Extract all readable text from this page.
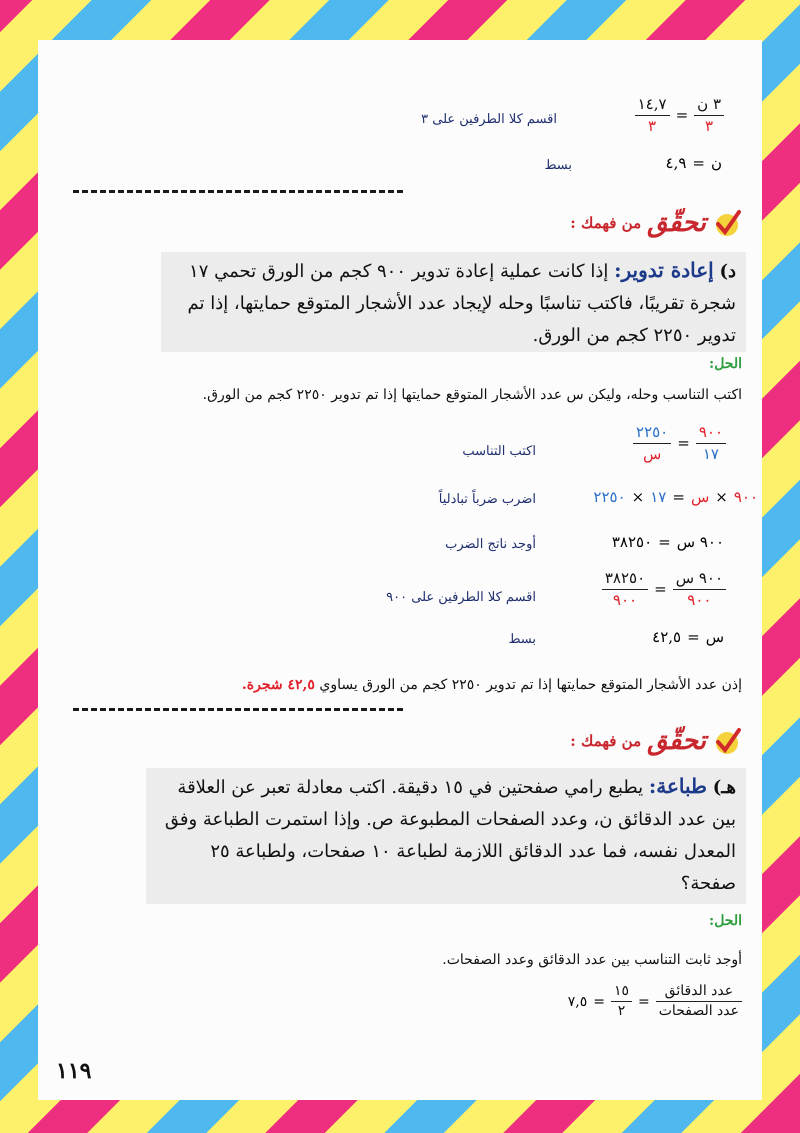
$\frac{\text{٣ ن}}{٣}$
=
$\frac{١٤,٧}{٣}$
اقسم كلا الطرفين على ٣
ن
=
٤,٩
بسط
تحقّق
من فهمك :
د) إعادة تدوير: إذا كانت عملية إعادة تدوير ٩٠٠ كجم من الورق تحمي ١٧ شجرة تقريبًا، فاكتب تناسبًا وحله لإيجاد عدد الأشجار المتوقع حمايتها، إذا تم تدوير ٢٢٥٠ كجم من الورق.
الحل:
اكتب التناسب وحله، وليكن س عدد الأشجار المتوقع حمايتها إذا تم تدوير ٢٢٥٠ كجم من الورق.
$\frac{٩٠٠}{١٧}$
=
$\frac{٢٢٥٠}{\text{س}}$
اكتب التناسب
٩٠٠
×
س
=
١٧
×
٢٢٥٠
اضرب ضرباً تبادلياً
٩٠٠ س
=
٣٨٢٥٠
أوجد ناتج الضرب
$\frac{\text{٩٠٠ س}}{٩٠٠}$
=
$\frac{٣٨٢٥٠}{٩٠٠}$
اقسم كلا الطرفين على ٩٠٠
س
=
٤٢,٥
بسط
إذن عدد الأشجار المتوقع حمايتها إذا تم تدوير ٢٢٥٠ كجم من الورق يساوي ٤٢,٥ شجرة.
تحقّق
من فهمك :
هـ) طباعة: يطبع رامي صفحتين في ١٥ دقيقة. اكتب معادلة تعبر عن العلاقة بين عدد الدقائق ن، وعدد الصفحات المطبوعة ص. وإذا استمرت الطباعة وفق المعدل نفسه، فما عدد الدقائق اللازمة لطباعة ١٠ صفحات، ولطباعة ٢٥ صفحة؟
الحل:
أوجد ثابت التناسب بين عدد الدقائق وعدد الصفحات.
$\frac{\text{عدد الدقائق}}{\text{عدد الصفحات}}$
=
$\frac{١٥}{٢}$
=
٧,٥
١١٩
